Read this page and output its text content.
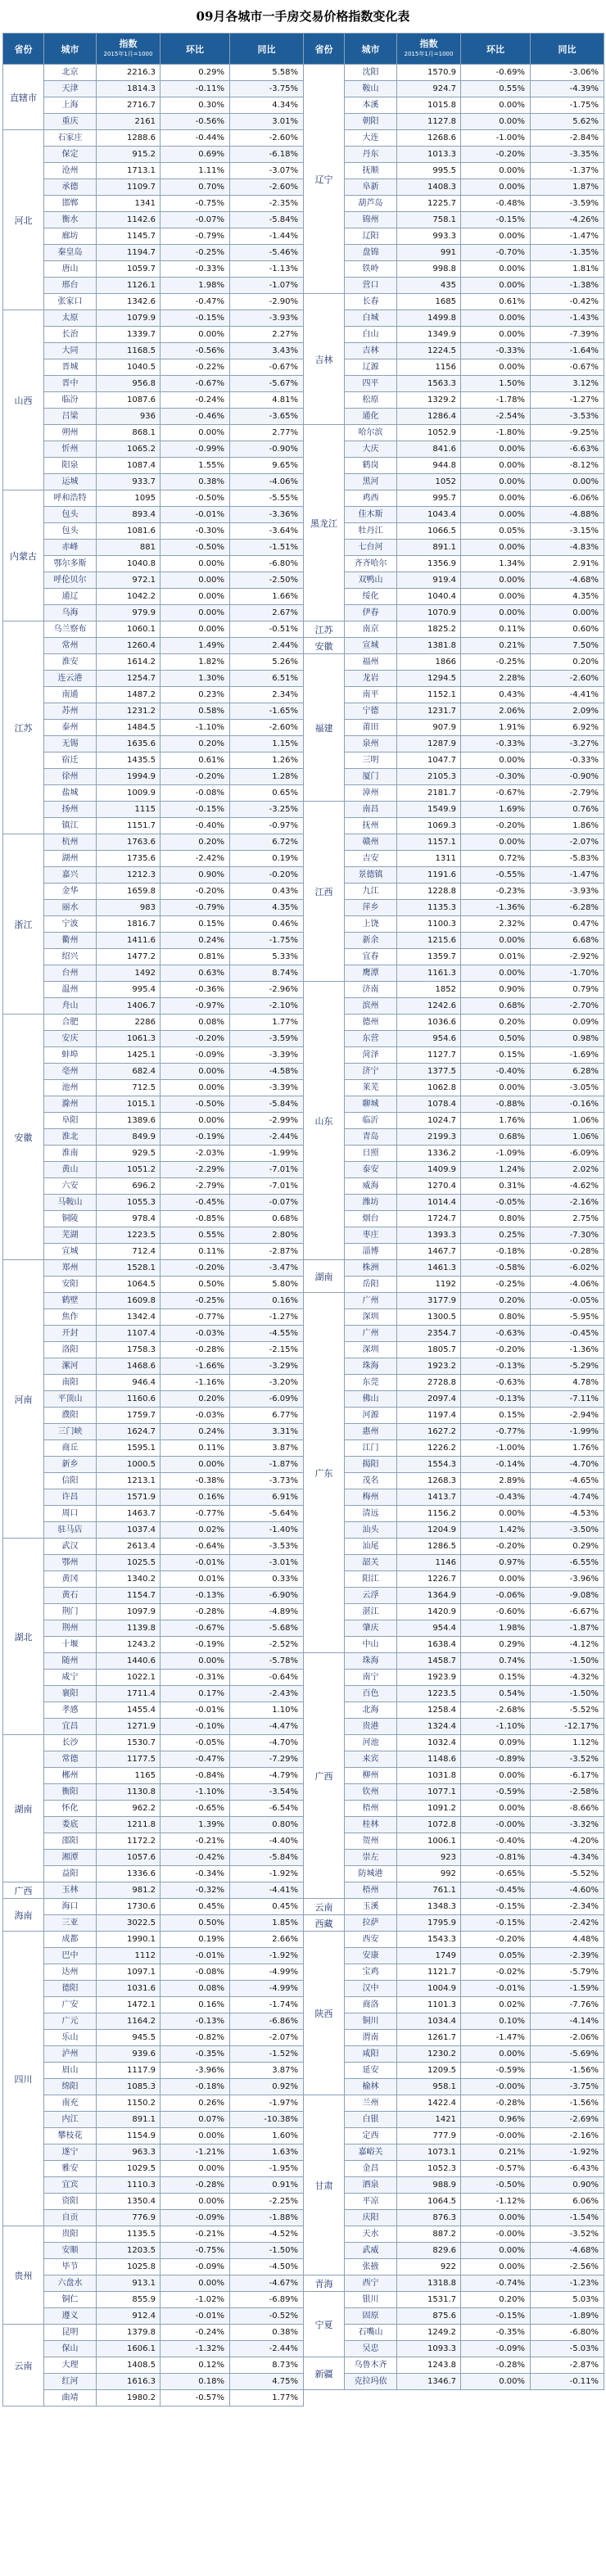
09月各城市一手房交易价格指数变化表
省份	城市
指数
2015年1月=1000	环比	同比
直辖市
北京	2216.3	0.29%	5.58%
天津	1814.3	-0.11%	-3.75%
上海	2716.7	0.30%	4.34%
重庆	2161	-0.56%	3.01%
河北
石家庄	1288.6	-0.44%	-2.60%
保定	915.2	0.69%	-6.18%
沧州	1713.1	1.11%	-3.07%
承德	1109.7	0.70%	-2.60%
邯郸	1341	-0.75%	-2.35%
衡水	1142.6	-0.07%	-5.84%
廊坊	1145.7	-0.79%	-1.44%
秦皇岛	1194.7	-0.25%	-5.46%
唐山	1059.7	-0.33%	-1.13%
邢台	1126.1	1.98%	-1.07%
张家口	1342.6	-0.47%	-2.90%
山西
太原	1079.9	-0.15%	-3.93%
长治	1339.7	0.00%	2.27%
大同	1168.5	-0.56%	3.43%
晋城	1040.5	-0.22%	-0.67%
晋中	956.8	-0.67%	-5.67%
临汾	1087.6	-0.24%	4.81%
吕梁	936	-0.46%	-3.65%
朔州	868.1	0.00%	2.77%
忻州	1065.2	-0.99%	-0.90%
阳泉	1087.4	1.55%	9.65%
运城	933.7	0.38%	-4.06%
内蒙古
呼和浩特	1095	-0.50%	-5.55%
包头	893.4	-0.01%	-3.36%
包头	1081.6	-0.30%	-3.64%
赤峰	881	-0.50%	-1.51%
鄂尔多斯	1040.8	0.00%	-6.80%
呼伦贝尔	972.1	0.00%	-2.50%
通辽	1042.2	0.00%	1.66%
乌海	979.9	0.00%	2.67%
江苏
乌兰察布	1060.1	0.00%	-0.51%
常州	1260.4	1.49%	2.44%
淮安	1614.2	1.82%	5.26%
连云港	1254.7	1.30%	6.51%
南通	1487.2	0.23%	2.34%
苏州	1231.2	0.58%	-1.65%
泰州	1484.5	-1.10%	-2.60%
无锡	1635.6	0.20%	1.15%
宿迁	1435.5	0.61%	1.26%
徐州	1994.9	-0.20%	1.28%
盐城	1009.9	-0.08%	0.65%
扬州	1115	-0.15%	-3.25%
镇江	1151.7	-0.40%	-0.97%
浙江
杭州	1763.6	0.20%	6.72%
湖州	1735.6	-2.42%	0.19%
嘉兴	1212.3	0.90%	-0.20%
金华	1659.8	-0.20%	0.43%
丽水	983	-0.79%	4.35%
宁波	1816.7	0.15%	0.46%
衢州	1411.6	0.24%	-1.75%
绍兴	1477.2	0.81%	5.33%
台州	1492	0.63%	8.74%
温州	995.4	-0.36%	-2.96%
舟山	1406.7	-0.97%	-2.10%
安徽
合肥	2286	0.08%	1.77%
安庆	1061.3	-0.20%	-3.59%
蚌埠	1425.1	-0.09%	-3.39%
亳州	682.4	0.00%	-4.58%
池州	712.5	0.00%	-3.39%
滁州	1015.1	-0.50%	-5.84%
阜阳	1389.6	0.00%	-2.99%
淮北	849.9	-0.19%	-2.44%
淮南	929.5	-2.03%	-1.99%
黄山	1051.2	-2.29%	-7.01%
六安	696.2	-2.79%	-7.01%
马鞍山	1055.3	-0.45%	-0.07%
铜陵	978.4	-0.85%	0.68%
芜湖	1223.5	0.55%	2.80%
宣城	712.4	0.11%	-2.87%
河南
郑州	1528.1	-0.20%	-3.47%
安阳	1064.5	0.50%	5.80%
鹤壁	1609.8	-0.25%	0.16%
焦作	1342.4	-0.77%	-1.27%
开封	1107.4	-0.03%	-4.55%
洛阳	1758.3	-0.28%	-2.15%
漯河	1468.6	-1.66%	-3.29%
南阳	946.4	-1.16%	-3.20%
平顶山	1160.6	0.20%	-6.09%
濮阳	1759.7	-0.03%	6.77%
三门峡	1624.7	0.24%	3.31%
商丘	1595.1	0.11%	3.87%
新乡	1000.5	0.00%	-1.87%
信阳	1213.1	-0.38%	-3.73%
许昌	1571.9	0.16%	6.91%
周口	1463.7	-0.77%	-5.64%
驻马店	1037.4	0.02%	-1.40%
湖北
武汉	2613.4	-0.64%	-3.53%
鄂州	1025.5	-0.01%	-3.01%
黄冈	1340.2	0.01%	0.33%
黄石	1154.7	-0.13%	-6.90%
荆门	1097.9	-0.28%	-4.89%
荆州	1139.8	-0.67%	-5.68%
十堰	1243.2	-0.19%	-2.52%
随州	1440.6	0.00%	-5.78%
咸宁	1022.1	-0.31%	-0.64%
襄阳	1711.4	0.17%	-2.43%
孝感	1455.4	-0.01%	1.10%
宜昌	1271.9	-0.10%	-4.47%
湖南
长沙	1530.7	-0.05%	-4.70%
常德	1177.5	-0.47%	-7.29%
郴州	1165	-0.84%	-4.79%
衡阳	1130.8	-1.10%	-3.54%
怀化	962.2	-0.65%	-6.54%
娄底	1211.8	1.39%	0.80%
邵阳	1172.2	-0.21%	-4.40%
湘潭	1057.6	-0.42%	-5.84%
益阳	1336.6	-0.34%	-1.92%
广西	玉林	981.2	-0.32%	-4.41%
海南
海口	1730.6	0.45%	0.45%
三亚	3022.5	0.50%	1.85%
四川
成都	1990.1	0.19%	2.66%
巴中	1112	-0.01%	-1.92%
达州	1097.1	-0.08%	-4.99%
德阳	1031.6	0.08%	-4.99%
广安	1472.1	0.16%	-1.74%
广元	1164.2	-0.13%	-6.86%
乐山	945.5	-0.82%	-2.07%
泸州	939.6	-0.35%	-1.52%
眉山	1117.9	-3.96%	3.87%
绵阳	1085.3	-0.18%	0.92%
南充	1150.2	0.26%	-1.97%
内江	891.1	0.07%	-10.38%
攀枝花	1154.9	0.00%	1.60%
遂宁	963.3	-1.21%	1.63%
雅安	1029.5	0.00%	-1.95%
宜宾	1110.3	-0.28%	0.91%
资阳	1350.4	0.00%	-2.25%
自贡	776.9	-0.09%	-1.88%
贵州
贵阳	1135.5	-0.21%	-4.52%
安顺	1203.5	-0.75%	-1.50%
毕节	1025.8	-0.09%	-4.50%
六盘水	913.1	0.00%	-4.67%
铜仁	855.9	-1.02%	-6.89%
遵义	912.4	-0.01%	-0.52%
云南
昆明	1379.8	-0.24%	0.38%
保山	1606.1	-1.32%	-2.44%
大理	1408.5	0.12%	8.73%
红河	1616.3	0.18%	4.75%
曲靖	1980.2	-0.57%	1.77%
省份	城市
指数
2015年1月=1000	环比	同比
辽宁
沈阳	1570.9	-0.69%	-3.06%
鞍山	924.7	0.55%	-4.39%
本溪	1015.8	0.00%	-1.75%
朝阳	1127.8	0.00%	5.62%
大连	1268.6	-1.00%	-2.84%
丹东	1013.3	-0.20%	-3.35%
抚顺	995.5	0.00%	-1.37%
阜新	1408.3	0.00%	1.87%
葫芦岛	1225.7	-0.48%	-3.59%
锦州	758.1	-0.15%	-4.26%
辽阳	993.3	0.00%	-1.47%
盘锦	991	-0.70%	-1.35%
铁岭	998.8	0.00%	1.81%
营口	435	0.00%	-1.38%
吉林
长春	1685	0.61%	-0.42%
白城	1499.8	0.00%	-1.43%
白山	1349.9	0.00%	-7.39%
吉林	1224.5	-0.33%	-1.64%
辽源	1156	0.00%	-0.67%
四平	1563.3	1.50%	3.12%
松原	1329.2	-1.78%	-1.27%
通化	1286.4	-2.54%	-3.53%
黑龙江
哈尔滨	1052.9	-1.80%	-9.25%
大庆	841.6	0.00%	-6.63%
鹤岗	944.8	0.00%	-8.12%
黑河	1052	0.00%	0.00%
鸡西	995.7	0.00%	-6.06%
佳木斯	1043.4	0.00%	-4.88%
牡丹江	1066.5	0.05%	-3.15%
七台河	891.1	0.00%	-4.83%
齐齐哈尔	1356.9	1.34%	2.91%
双鸭山	919.4	0.00%	-4.68%
绥化	1040.4	0.00%	4.35%
伊春	1070.9	0.00%	0.00%
江苏	南京	1825.2	0.11%	0.60%
安徽	宣城	1381.8	0.21%	7.50%
福建
福州	1866	-0.25%	0.20%
龙岩	1294.5	2.28%	-2.60%
南平	1152.1	0.43%	-4.41%
宁德	1231.7	2.06%	2.09%
莆田	907.9	1.91%	6.92%
泉州	1287.9	-0.33%	-3.27%
三明	1047.7	0.00%	-0.33%
厦门	2105.3	-0.30%	-0.90%
漳州	2181.7	-0.67%	-2.79%
江西
南昌	1549.9	1.69%	0.76%
抚州	1069.3	-0.20%	1.86%
赣州	1157.1	0.00%	-2.07%
吉安	1311	0.72%	-5.83%
景德镇	1191.6	-0.55%	-1.47%
九江	1228.8	-0.23%	-3.93%
萍乡	1135.3	-1.36%	-6.28%
上饶	1100.3	2.32%	0.47%
新余	1215.6	0.00%	6.68%
宜春	1359.7	0.01%	-2.92%
鹰潭	1161.3	0.00%	-1.70%
山东
济南	1852	0.90%	0.79%
滨州	1242.6	0.68%	-2.70%
德州	1036.6	0.20%	0.09%
东营	954.6	0.50%	0.98%
菏泽	1127.7	0.15%	-1.69%
济宁	1377.5	-0.40%	6.28%
莱芜	1062.8	0.00%	-3.05%
聊城	1078.4	-0.88%	-0.16%
临沂	1024.7	1.76%	1.06%
青岛	2199.3	0.68%	1.06%
日照	1336.2	-1.09%	-6.09%
泰安	1409.9	1.24%	2.02%
威海	1270.4	0.31%	-4.62%
潍坊	1014.4	-0.05%	-2.16%
烟台	1724.7	0.80%	2.75%
枣庄	1393.3	0.25%	-7.30%
淄博	1467.7	-0.18%	-0.28%
湖南
株洲	1461.3	-0.58%	-6.02%
岳阳	1192	-0.25%	-4.06%
广东
广州	3177.9	0.20%	-0.05%
深圳	1300.5	0.80%	-5.95%
广州	2354.7	-0.63%	-0.45%
深圳	1805.7	-0.20%	-1.36%
珠海	1923.2	-0.13%	-5.29%
东莞	2728.8	-0.63%	4.78%
佛山	2097.4	-0.13%	-7.11%
河源	1197.4	0.15%	-2.94%
惠州	1627.2	-0.77%	-1.99%
江门	1226.2	-1.00%	1.76%
揭阳	1554.3	-0.14%	-4.70%
茂名	1268.3	2.89%	-4.65%
梅州	1413.7	-0.43%	-4.74%
清远	1156.2	0.00%	-4.53%
汕头	1204.9	1.42%	-3.50%
汕尾	1286.5	-0.20%	0.29%
韶关	1146	0.97%	-6.55%
阳江	1226.7	0.00%	-3.96%
云浮	1364.9	-0.06%	-9.08%
湛江	1420.9	-0.60%	-6.67%
肇庆	954.4	1.98%	-1.87%
中山	1638.4	0.29%	-4.12%
广西
珠海	1458.7	0.74%	-1.50%
南宁	1923.9	0.15%	-4.32%
百色	1223.5	0.54%	-1.50%
北海	1258.4	-2.68%	-5.52%
贵港	1324.4	-1.10%	-12.17%
河池	1032.4	0.09%	1.12%
来宾	1148.6	-0.89%	-3.52%
柳州	1031.8	0.00%	-6.17%
钦州	1077.1	-0.59%	-2.58%
梧州	1091.2	0.00%	-8.66%
桂林	1072.8	-0.00%	-3.32%
贺州	1006.1	-0.40%	-4.20%
崇左	923	-0.81%	-4.34%
防城港	992	-0.65%	-5.52%
梧州	761.1	-0.45%	-4.60%
云南	玉溪	1348.3	-0.15%	-2.34%
西藏	拉萨	1795.9	-0.15%	-2.42%
陕西
西安	1543.3	-0.20%	4.48%
安康	1749	0.05%	-2.39%
宝鸡	1121.7	-0.02%	-5.79%
汉中	1004.9	-0.01%	-1.59%
商洛	1101.3	0.02%	-7.76%
铜川	1034.4	0.10%	-4.14%
渭南	1261.7	-1.47%	-2.06%
咸阳	1230.2	0.00%	-5.69%
延安	1209.5	-0.59%	-1.56%
榆林	958.1	-0.00%	-3.75%
甘肃
兰州	1422.4	-0.28%	-1.56%
白银	1421	0.96%	-2.69%
定西	777.9	-0.00%	-2.16%
嘉峪关	1073.1	0.21%	-1.92%
金昌	1052.3	-0.57%	-6.43%
酒泉	988.9	-0.50%	0.90%
平凉	1064.5	-1.12%	6.06%
庆阳	876.3	0.00%	-1.54%
天水	887.2	-0.00%	-3.52%
武威	829.6	0.00%	-4.68%
张掖	922	0.00%	-2.56%
青海	西宁	1318.8	-0.74%	-1.23%
宁夏
银川	1531.7	0.20%	5.03%
固原	875.6	-0.15%	-1.89%
石嘴山	1249.2	-0.35%	-6.80%
吴忠	1093.3	-0.09%	-5.03%
新疆
乌鲁木齐	1243.8	-0.28%	-2.87%
克拉玛依	1346.7	0.00%	-0.11%
